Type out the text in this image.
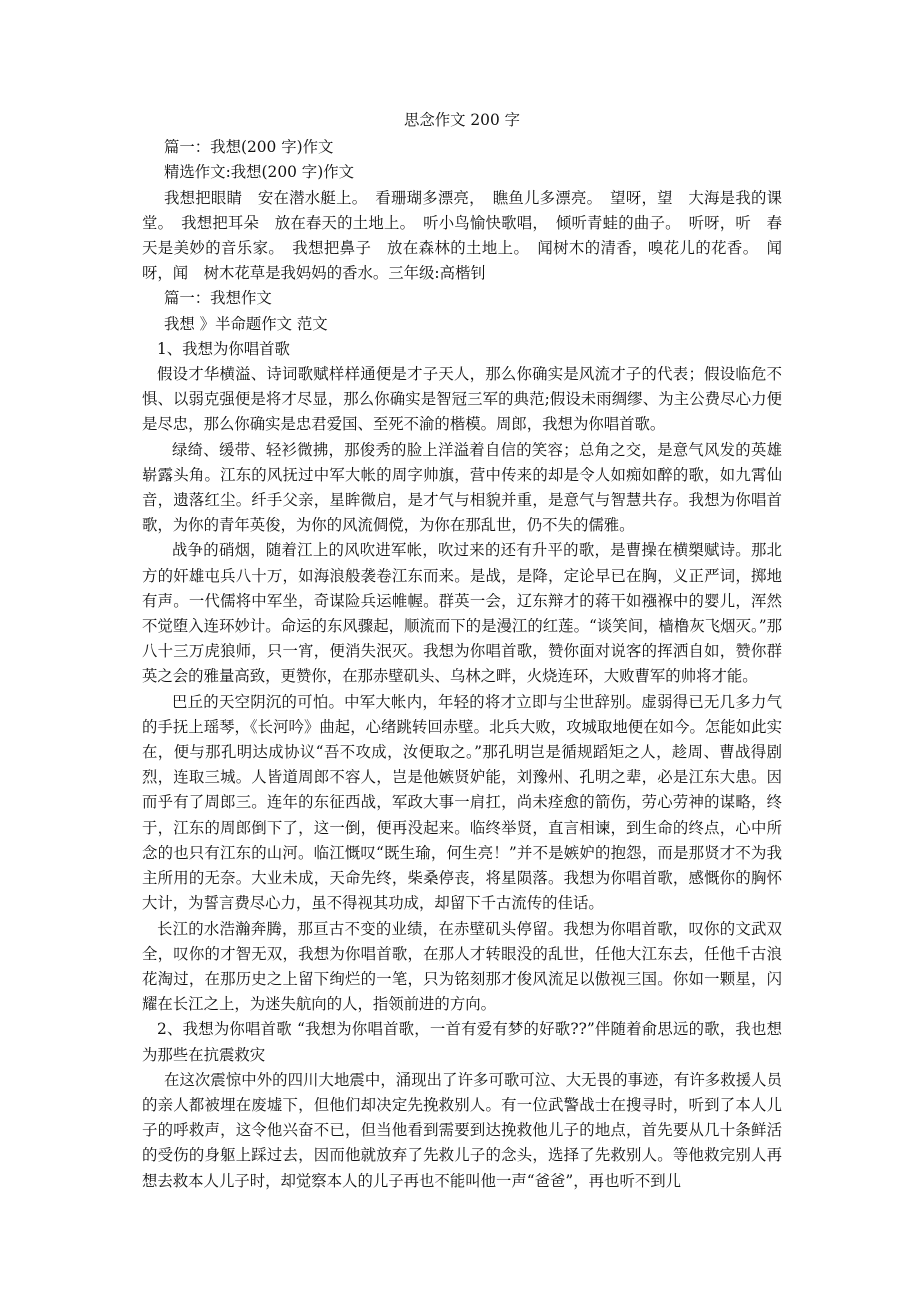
思念作文 200 字

篇一：我想(200 字)作文

精选作文:我想(200 字)作文

我想把眼睛　安在潜水艇上。　看珊瑚多漂亮，　瞧鱼儿多漂亮。　望呀，望　大海是我的课堂。　我想把耳朵　放在春天的土地上。　听小鸟愉快歌唱，　倾听青蛙的曲子。　听呀，听　春天是美妙的音乐家。　我想把鼻子　放在森林的土地上。　闻树木的清香，嗅花儿的花香。　闻呀，闻　树木花草是我妈妈的香水。三年级:高楷钊

篇一：我想作文

我想 》半命题作文 范文

1、我想为你唱首歌

假设才华横溢、诗词歌赋样样通便是才子天人，那么你确实是风流才子的代表；假设临危不惧、以弱克强便是将才尽显，那么你确实是智冠三军的典范;假设未雨绸缪、为主公费尽心力便是尽忠，那么你确实是忠君爱国、至死不渝的楷模。周郎，我想为你唱首歌。

绿绮、缓带、轻衫微拂，那俊秀的脸上洋溢着自信的笑容；总角之交，是意气风发的英雄崭露头角。江东的风抚过中军大帐的周字帅旗，营中传来的却是令人如痴如醉的歌，如九霄仙音，遗落红尘。纤手父亲，星眸微启，是才气与相貌并重，是意气与智慧共存。我想为你唱首歌，为你的青年英俊，为你的风流倜傥，为你在那乱世，仍不失的儒雅。

战争的硝烟，随着江上的风吹进军帐，吹过来的还有升平的歌，是曹操在横槊赋诗。那北方的奸雄屯兵八十万，如海浪般袭卷江东而来。是战，是降，定论早已在胸，义正严词，掷地有声。一代儒将中军坐，奇谋险兵运帷幄。群英一会，辽东辩才的蒋干如襁褓中的婴儿，浑然不觉堕入连环妙计。命运的东风骤起，顺流而下的是漫江的红莲。“谈笑间，樯橹灰飞烟灭。”那八十三万虎狼师，只一宵，便消失泯灭。我想为你唱首歌，赞你面对说客的挥洒自如，赞你群英之会的雅量高致，更赞你，在那赤壁矶头、乌林之畔，火烧连环，大败曹军的帅将才能。

巴丘的天空阴沉的可怕。中军大帐内，年轻的将才立即与尘世辞别。虚弱得已无几多力气的手抚上瑶琴，《长河吟》曲起，心绪跳转回赤壁。北兵大败，攻城取地便在如今。怎能如此实在，便与那孔明达成协议“吾不攻成，汝便取之。”那孔明岂是循规蹈矩之人，趁周、曹战得剧烈，连取三城。人皆道周郎不容人，岂是他嫉贤妒能，刘豫州、孔明之辈，必是江东大患。因而乎有了周郎三。连年的东征西战，军政大事一肩扛，尚未痊愈的箭伤，劳心劳神的谋略，终于，江东的周郎倒下了，这一倒，便再没起来。临终举贤，直言相谏，到生命的终点，心中所念的也只有江东的山河。临江慨叹“既生瑜，何生亮！”并不是嫉妒的抱怨，而是那贤才不为我主所用的无奈。大业未成，天命先终，柴桑停丧，将星陨落。我想为你唱首歌，感慨你的胸怀大计，为誓言费尽心力，虽不得视其功成，却留下千古流传的佳话。

长江的水浩瀚奔腾，那亘古不变的业绩，在赤壁矶头停留。我想为你唱首歌，叹你的文武双全，叹你的才智无双，我想为你唱首歌，在那人才转眼没的乱世，任他大江东去，任他千古浪花淘过，在那历史之上留下绚烂的一笔，只为铭刻那才俊风流足以傲视三国。你如一颗星，闪耀在长江之上，为迷失航向的人，指领前进的方向。

2、我想为你唱首歌 “我想为你唱首歌，一首有爱有梦的好歌??”伴随着俞思远的歌，我也想为那些在抗震救灾

在这次震惊中外的四川大地震中，涌现出了许多可歌可泣、大无畏的事迹，有许多救援人员的亲人都被埋在废墟下，但他们却决定先挽救别人。有一位武警战士在搜寻时，听到了本人儿子的呼救声，这令他兴奋不已，但当他看到需要到达挽救他儿子的地点，首先要从几十条鲜活的受伤的身躯上踩过去，因而他就放弃了先救儿子的念头，选择了先救别人。等他救完别人再想去救本人儿子时，却觉察本人的儿子再也不能叫他一声“爸爸”，再也听不到儿
